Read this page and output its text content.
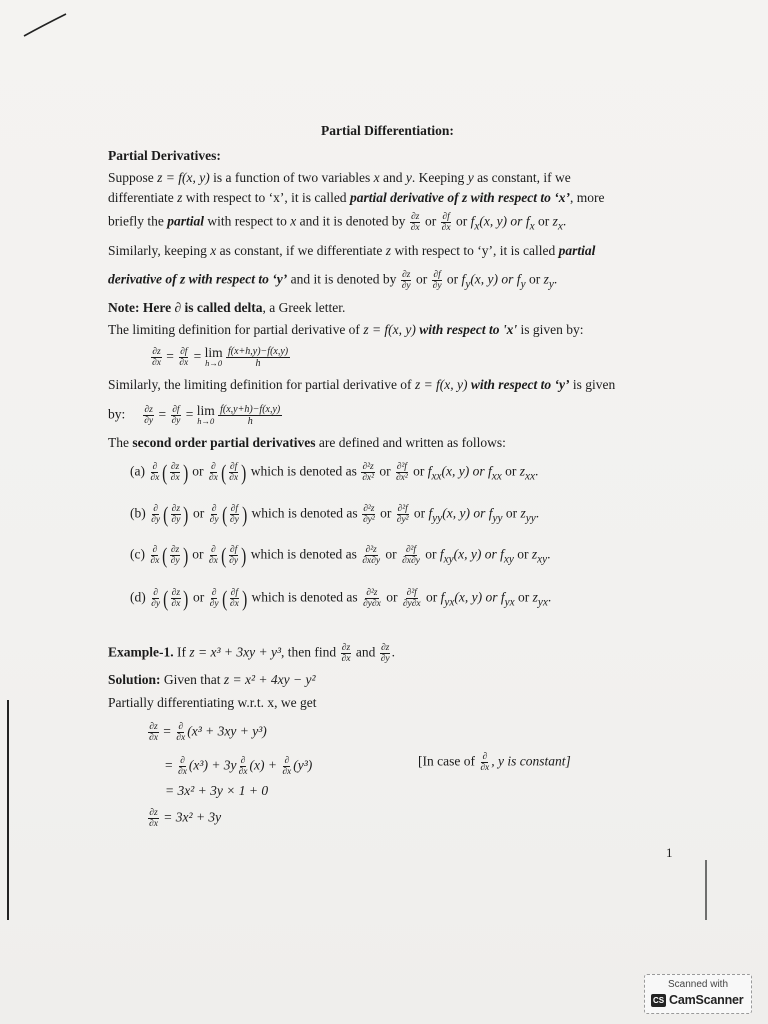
Partial Differentiation:
Partial Derivatives:
Suppose z = f(x, y) is a function of two variables x and y. Keeping y as constant, if we
differentiate z with respect to ‘x’, it is called partial derivative of z with respect to ‘x’, more
briefly the partial with respect to x and it is denoted by $\frac{\partial z}{\partial x}$ or $\frac{\partial f}{\partial x}$ or $f_x(x$, y) or $f_x$ or $z_x$.
Similarly, keeping x as constant, if we differentiate z with respect to ‘y’, it is called partial
derivative of z with respect to ‘y’ and it is denoted by $\frac{\partial z}{\partial y}$ or $\frac{\partial f}{\partial y}$ or $f_y(x$, y) or $f_y$ or $z_y$.
Note: Here ∂ is called delta, a Greek letter.
The limiting definition for partial derivative of z = f(x, y) with respect to 'x' is given by:
$\frac{\partial z}{\partial x} = \frac{\partial f}{\partial x} = \lim$
h→0
$\frac{f(x+h,y)-f(x,y)}{h}$
Similarly, the limiting definition for partial derivative of z = f(x, y) with respect to ‘y’ is given
by: $\frac{\partial z}{\partial y} = \frac{\partial f}{\partial y} = \lim$
h→0
$\frac{f(x,y+h)-f(x,y)}{h}$
The second order partial derivatives are defined and written as follows:
$(a) \frac{\partial}{\partial x}$ ( $\frac{\partial z}{\partial x}$ ) or $\frac{\partial}{\partial x}$ ( $\frac{\partial f}{\partial x}$ ) which is denoted as $\frac{\text{∂²z}}{\text{∂x²}}$ or $\frac{\text{∂²f}}{\text{∂x²}}$ or $f_{xx}(x$, y) or $f_{xx}$ or $z_{xx}$.
$(b) \frac{\partial}{\partial y}$ ( $\frac{\partial z}{\partial y}$ ) or $\frac{\partial}{\partial y}$ ( $\frac{\partial f}{\partial y}$ ) which is denoted as $\frac{\text{∂²z}}{\text{∂y²}}$ or $\frac{\text{∂²f}}{\text{∂y²}}$ or $f_{yy}(x$, y) or $f_{yy}$ or $z_{yy}$.
$(c) \frac{\partial}{\partial x}$ ( $\frac{\partial z}{\partial y}$ ) or $\frac{\partial}{\partial x}$ ( $\frac{\partial f}{\partial y}$ ) which is denoted as $\frac{\text{∂²z}}{\partial x\partial y}$ or $\frac{\text{∂²f}}{\partial x\partial y}$ or $f_{xy}(x$, y) or $f_{xy}$ or $z_{xy}$.
$(d) \frac{\partial}{\partial y}$ ( $\frac{\partial z}{\partial x}$ ) or $\frac{\partial}{\partial y}$ ( $\frac{\partial f}{\partial x}$ ) which is denoted as $\frac{\text{∂²z}}{\partial y\partial x}$ or $\frac{\text{∂²f}}{\partial y\partial x}$ or $f_{yx}(x$, y) or $f_{yx}$ or $z_{yx}$.
Example-1. If z = x³ + 3xy + y³, then find $\frac{\partial z}{\partial x}$ and $\frac{\partial z}{\partial y}$ .
Solution: Given that z = x² + 4xy − y²
Partially differentiating w.r.t. x, we get
$\frac{\partial z}{\partial x} = \frac{\partial}{\partial x} (x^3 + 3xy + y^3)$
= $\frac{\partial}{\partial x} (x^3) + 3y \frac{\partial}{\partial x} (x) + \frac{\partial}{\partial x} (y^3)$	[In case of $\frac{\partial}{\partial x}$ , y is constant]
= 3x² + 3y × 1 + 0
$\frac{\partial z}{\partial x} = 3x^2 + 3y$
1
Scanned with
CS CamScanner
